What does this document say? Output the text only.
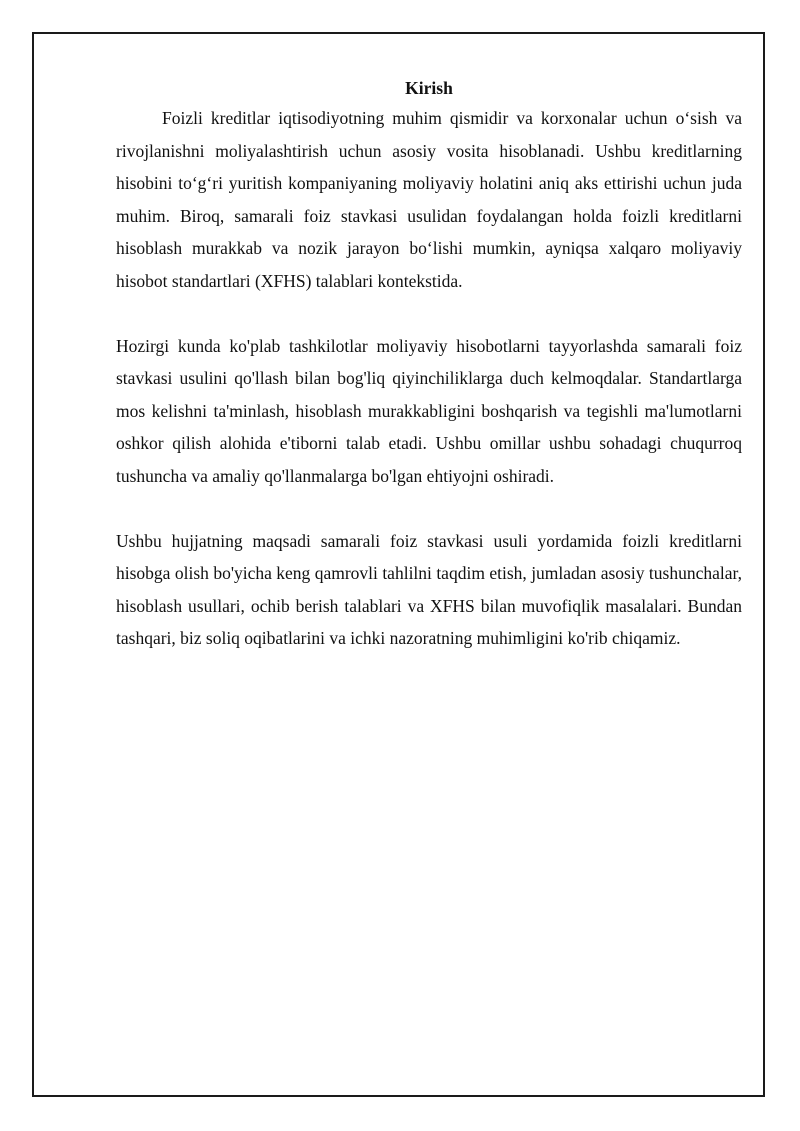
Kirish

Foizli kreditlar iqtisodiyotning muhim qismidir va korxonalar uchun o‘sish va rivojlanishni moliyalashtirish uchun asosiy vosita hisoblanadi. Ushbu kreditlarning hisobini to‘g‘ri yuritish kompaniyaning moliyaviy holatini aniq aks ettirishi uchun juda muhim. Biroq, samarali foiz stavkasi usulidan foydalangan holda foizli kreditlarni hisoblash murakkab va nozik jarayon bo‘lishi mumkin, ayniqsa xalqaro moliyaviy hisobot standartlari (XFHS) talablari kontekstida.

Hozirgi kunda ko'plab tashkilotlar moliyaviy hisobotlarni tayyorlashda samarali foiz stavkasi usulini qo'llash bilan bog'liq qiyinchiliklarga duch kelmoqdalar. Standartlarga mos kelishni ta'minlash, hisoblash murakkabligini boshqarish va tegishli ma'lumotlarni oshkor qilish alohida e'tiborni talab etadi. Ushbu omillar ushbu sohadagi chuqurroq tushuncha va amaliy qo'llanmalarga bo'lgan ehtiyojni oshiradi.

Ushbu hujjatning maqsadi samarali foiz stavkasi usuli yordamida foizli kreditlarni hisobga olish bo'yicha keng qamrovli tahlilni taqdim etish, jumladan asosiy tushunchalar, hisoblash usullari, ochib berish talablari va XFHS bilan muvofiqlik masalalari. Bundan tashqari, biz soliq oqibatlarini va ichki nazoratning muhimligini ko'rib chiqamiz.
